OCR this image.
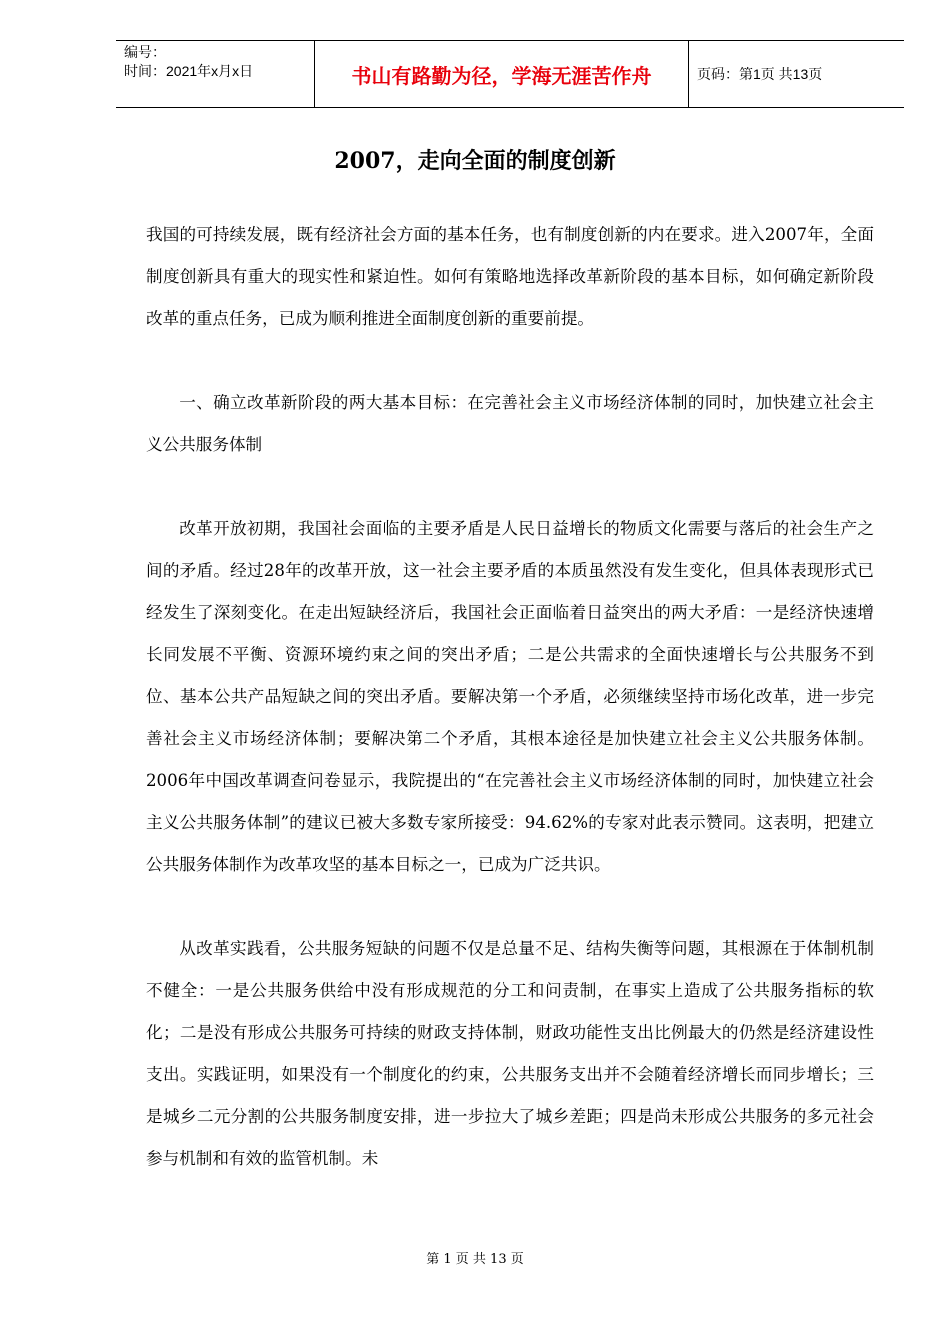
编号：
时间：2021年x月x日	书山有路勤为径，学海无涯苦作舟	页码：第1页 共13页
2007，走向全面的制度创新

我国的可持续发展，既有经济社会方面的基本任务，也有制度创新的内在要求。进入2007年，全面制度创新具有重大的现实性和紧迫性。如何有策略地选择改革新阶段的基本目标，如何确定新阶段改革的重点任务，已成为顺利推进全面制度创新的重要前提。

一、确立改革新阶段的两大基本目标：在完善社会主义市场经济体制的同时，加快建立社会主义公共服务体制

改革开放初期，我国社会面临的主要矛盾是人民日益增长的物质文化需要与落后的社会生产之间的矛盾。经过28年的改革开放，这一社会主要矛盾的本质虽然没有发生变化，但具体表现形式已经发生了深刻变化。在走出短缺经济后，我国社会正面临着日益突出的两大矛盾：一是经济快速增长同发展不平衡、资源环境约束之间的突出矛盾；二是公共需求的全面快速增长与公共服务不到位、基本公共产品短缺之间的突出矛盾。要解决第一个矛盾，必须继续坚持市场化改革，进一步完善社会主义市场经济体制；要解决第二个矛盾，其根本途径是加快建立社会主义公共服务体制。2006年中国改革调查问卷显示，我院提出的“在完善社会主义市场经济体制的同时，加快建立社会主义公共服务体制”的建议已被大多数专家所接受：94.62%的专家对此表示赞同。这表明，把建立公共服务体制作为改革攻坚的基本目标之一，已成为广泛共识。

从改革实践看，公共服务短缺的问题不仅是总量不足、结构失衡等问题，其根源在于体制机制不健全：一是公共服务供给中没有形成规范的分工和问责制，在事实上造成了公共服务指标的软化；二是没有形成公共服务可持续的财政支持体制，财政功能性支出比例最大的仍然是经济建设性支出。实践证明，如果没有一个制度化的约束，公共服务支出并不会随着经济增长而同步增长；三是城乡二元分割的公共服务制度安排，进一步拉大了城乡差距；四是尚未形成公共服务的多元社会参与机制和有效的监管机制。未

第 1 页 共 13 页
